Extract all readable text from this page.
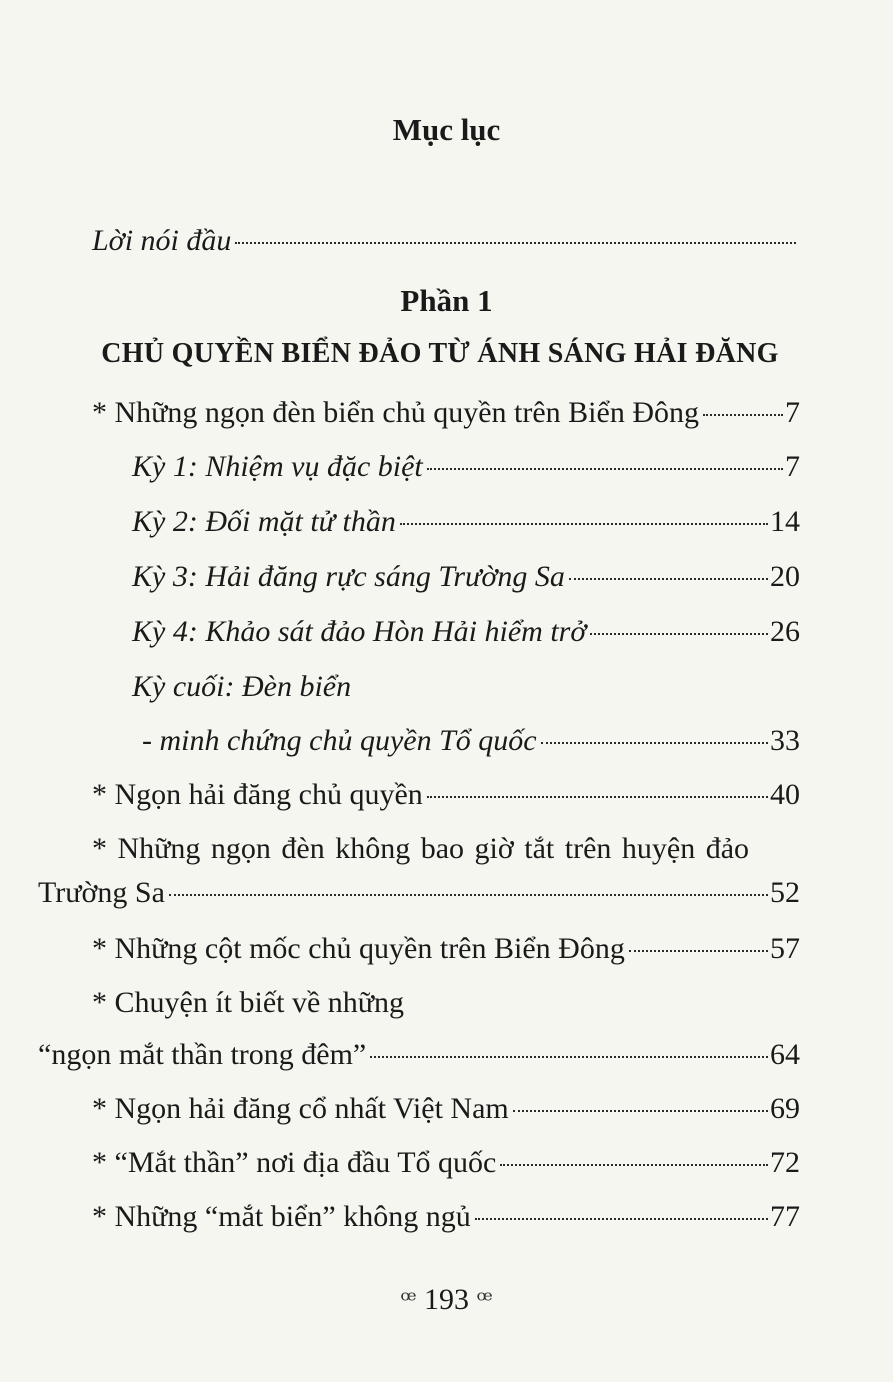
Mục lục
Lời nói đầu
Phần 1
CHỦ QUYỀN BIỂN ĐẢO TỪ ÁNH SÁNG HẢI ĐĂNG
* Những ngọn đèn biển chủ quyền trên Biển Đông	7
Kỳ 1: Nhiệm vụ đặc biệt	7
Kỳ 2: Đối mặt tử thần	14
Kỳ 3: Hải đăng rực sáng Trường Sa	20
Kỳ 4: Khảo sát đảo Hòn Hải hiểm trở	26
Kỳ cuối: Đèn biển
- minh chứng chủ quyền Tổ quốc	33
* Ngọn hải đăng chủ quyền	40
* Những ngọn đèn không bao giờ tắt trên huyện đảo
Trường Sa	52
* Những cột mốc chủ quyền trên Biển Đông	57
* Chuyện ít biết về những
“ngọn mắt thần trong đêm”	64
* Ngọn hải đăng cổ nhất Việt Nam	69
* “Mắt thần” nơi địa đầu Tổ quốc	72
* Những “mắt biển” không ngủ	77
ꟹ 193 ꟹ
